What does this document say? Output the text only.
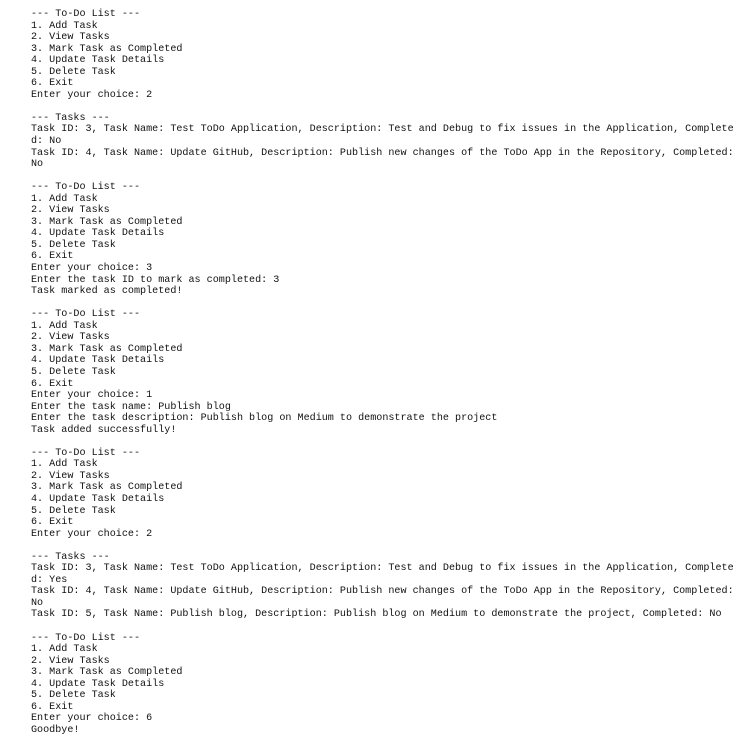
--- To-Do List ---
1. Add Task
2. View Tasks
3. Mark Task as Completed
4. Update Task Details
5. Delete Task
6. Exit
Enter your choice: 2
--- Tasks ---
Task ID: 3, Task Name: Test ToDo Application, Description: Test and Debug to fix issues in the Application, Complete
d: No
Task ID: 4, Task Name: Update GitHub, Description: Publish new changes of the ToDo App in the Repository, Completed:
No
--- To-Do List ---
1. Add Task
2. View Tasks
3. Mark Task as Completed
4. Update Task Details
5. Delete Task
6. Exit
Enter your choice: 3
Enter the task ID to mark as completed: 3
Task marked as completed!
--- To-Do List ---
1. Add Task
2. View Tasks
3. Mark Task as Completed
4. Update Task Details
5. Delete Task
6. Exit
Enter your choice: 1
Enter the task name: Publish blog
Enter the task description: Publish blog on Medium to demonstrate the project
Task added successfully!
--- To-Do List ---
1. Add Task
2. View Tasks
3. Mark Task as Completed
4. Update Task Details
5. Delete Task
6. Exit
Enter your choice: 2
--- Tasks ---
Task ID: 3, Task Name: Test ToDo Application, Description: Test and Debug to fix issues in the Application, Complete
d: Yes
Task ID: 4, Task Name: Update GitHub, Description: Publish new changes of the ToDo App in the Repository, Completed:
No
Task ID: 5, Task Name: Publish blog, Description: Publish blog on Medium to demonstrate the project, Completed: No
--- To-Do List ---
1. Add Task
2. View Tasks
3. Mark Task as Completed
4. Update Task Details
5. Delete Task
6. Exit
Enter your choice: 6
Goodbye!
